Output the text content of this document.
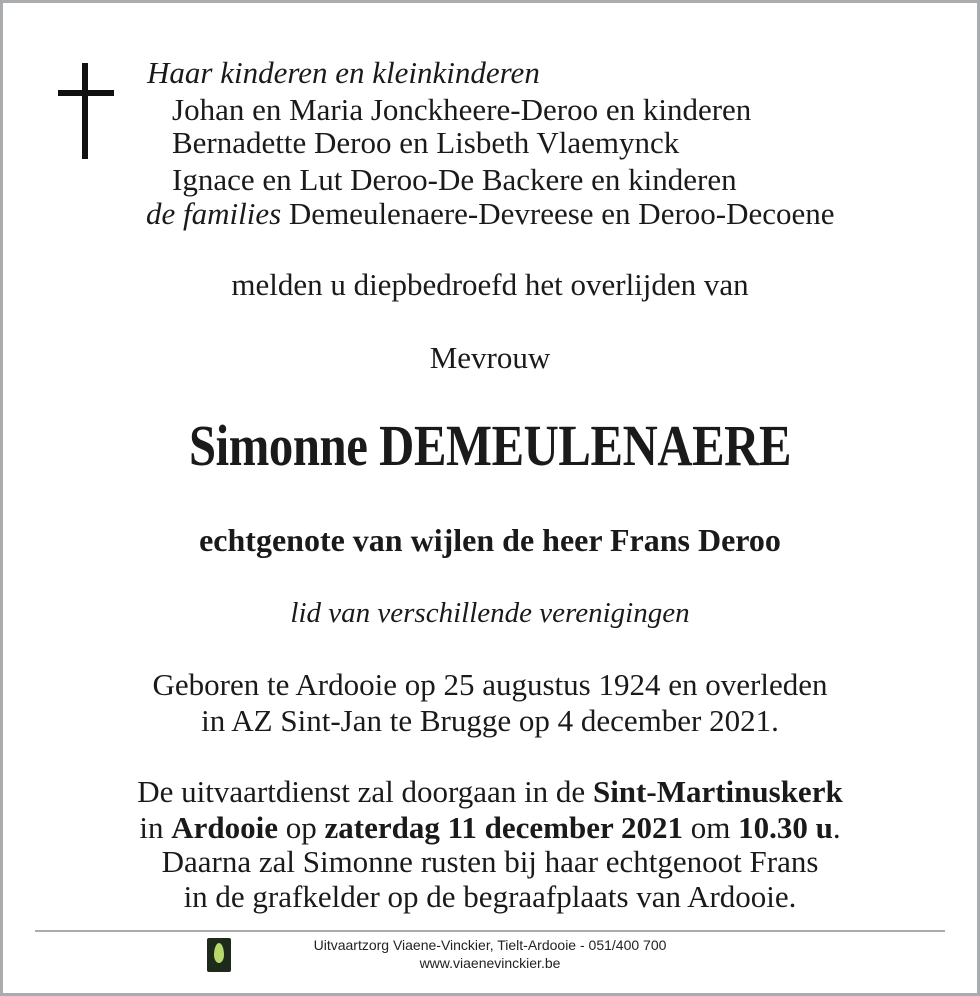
Haar kinderen en kleinkinderen
Johan en Maria Jonckheere-Deroo en kinderen
Bernadette Deroo en Lisbeth Vlaemynck
Ignace en Lut Deroo-De Backere en kinderen
de families Demeulenaere-Devreese en Deroo-Decoene
melden u diepbedroefd het overlijden van
Mevrouw
Simonne DEMEULENAERE
echtgenote van wijlen de heer Frans Deroo
lid van verschillende verenigingen
Geboren te Ardooie op 25 augustus 1924 en overleden
in AZ Sint-Jan te Brugge op 4 december 2021.
De uitvaartdienst zal doorgaan in de Sint-Martinuskerk
in Ardooie op zaterdag 11 december 2021 om 10.30 u.
Daarna zal Simonne rusten bij haar echtgenoot Frans
in de grafkelder op de begraafplaats van Ardooie.
Uitvaartzorg Viaene-Vinckier, Tielt-Ardooie - 051/400 700
www.viaenevinckier.be
